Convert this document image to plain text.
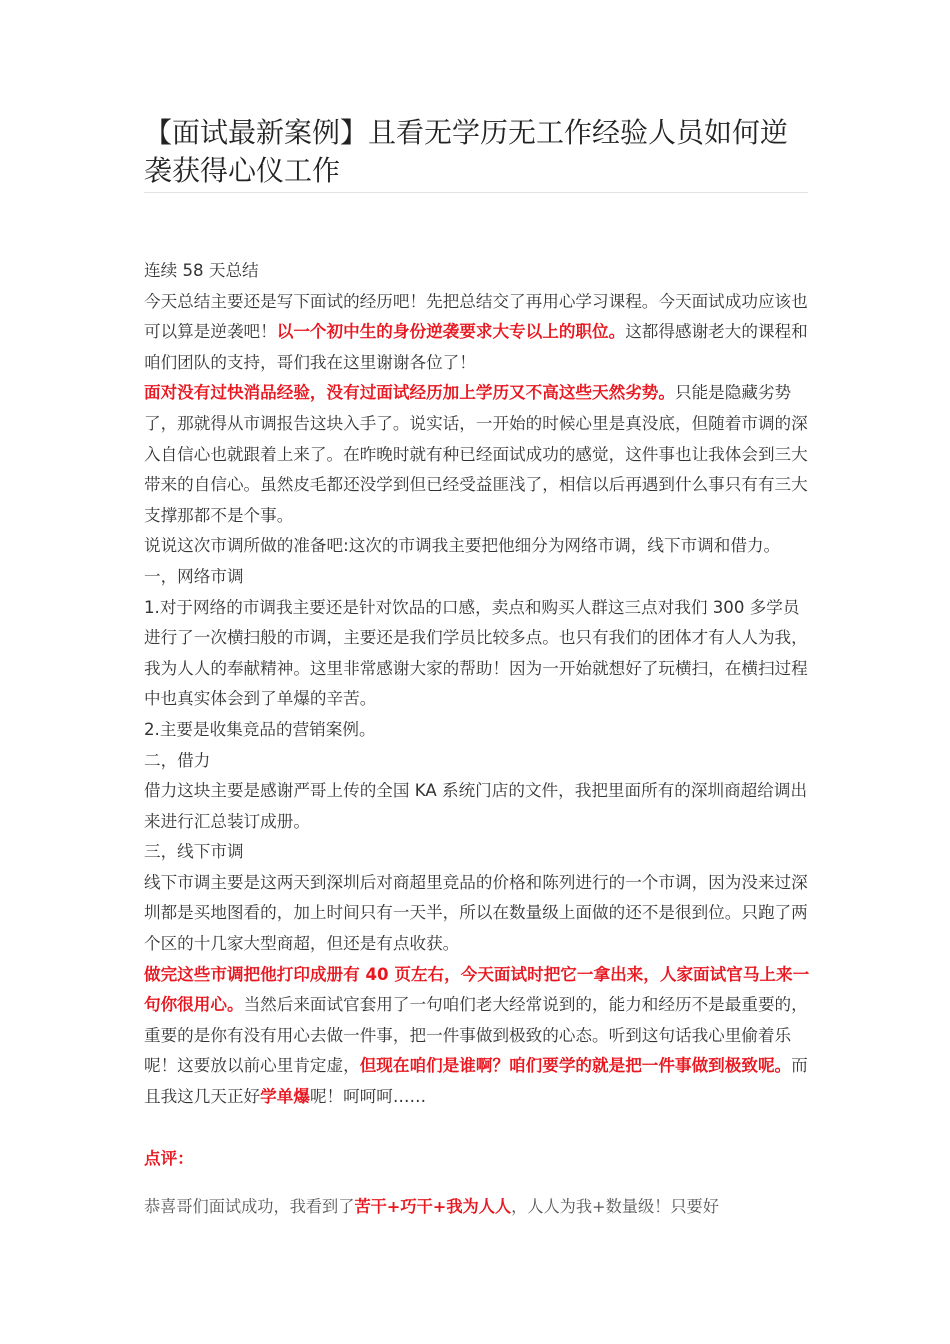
【面试最新案例】且看无学历无工作经验人员如何逆袭获得心仪工作

连续 58 天总结

今天总结主要还是写下面试的经历吧！先把总结交了再用心学习课程。今天面试成功应该也可以算是逆袭吧！以一个初中生的身份逆袭要求大专以上的职位。这都得感谢老大的课程和咱们团队的支持，哥们我在这里谢谢各位了！

面对没有过快消品经验，没有过面试经历加上学历又不高这些天然劣势。只能是隐藏劣势了，那就得从市调报告这块入手了。说实话，一开始的时候心里是真没底，但随着市调的深入自信心也就跟着上来了。在昨晚时就有种已经面试成功的感觉，这件事也让我体会到三大带来的自信心。虽然皮毛都还没学到但已经受益匪浅了，相信以后再遇到什么事只有有三大支撑那都不是个事。

说说这次市调所做的准备吧:这次的市调我主要把他细分为网络市调，线下市调和借力。

一，网络市调

1.对于网络的市调我主要还是针对饮品的口感，卖点和购买人群这三点对我们 300 多学员进行了一次横扫般的市调，主要还是我们学员比较多点。也只有我们的团体才有人人为我，我为人人的奉献精神。这里非常感谢大家的帮助！因为一开始就想好了玩横扫，在横扫过程中也真实体会到了单爆的辛苦。

2.主要是收集竞品的营销案例。

二，借力

借力这块主要是感谢严哥上传的全国 KA 系统门店的文件，我把里面所有的深圳商超给调出来进行汇总装订成册。

三，线下市调

线下市调主要是这两天到深圳后对商超里竞品的价格和陈列进行的一个市调，因为没来过深圳都是买地图看的，加上时间只有一天半，所以在数量级上面做的还不是很到位。只跑了两个区的十几家大型商超，但还是有点收获。

做完这些市调把他打印成册有 40 页左右，今天面试时把它一拿出来，人家面试官马上来一句你很用心。当然后来面试官套用了一句咱们老大经常说到的，能力和经历不是最重要的，重要的是你有没有用心去做一件事，把一件事做到极致的心态。听到这句话我心里偷着乐呢！这要放以前心里肯定虚，但现在咱们是谁啊？咱们要学的就是把一件事做到极致呢。而且我这几天正好学单爆呢！呵呵呵……

点评：
恭喜哥们面试成功，我看到了苦干+巧干+我为人人，人人为我+数量级！只要好
